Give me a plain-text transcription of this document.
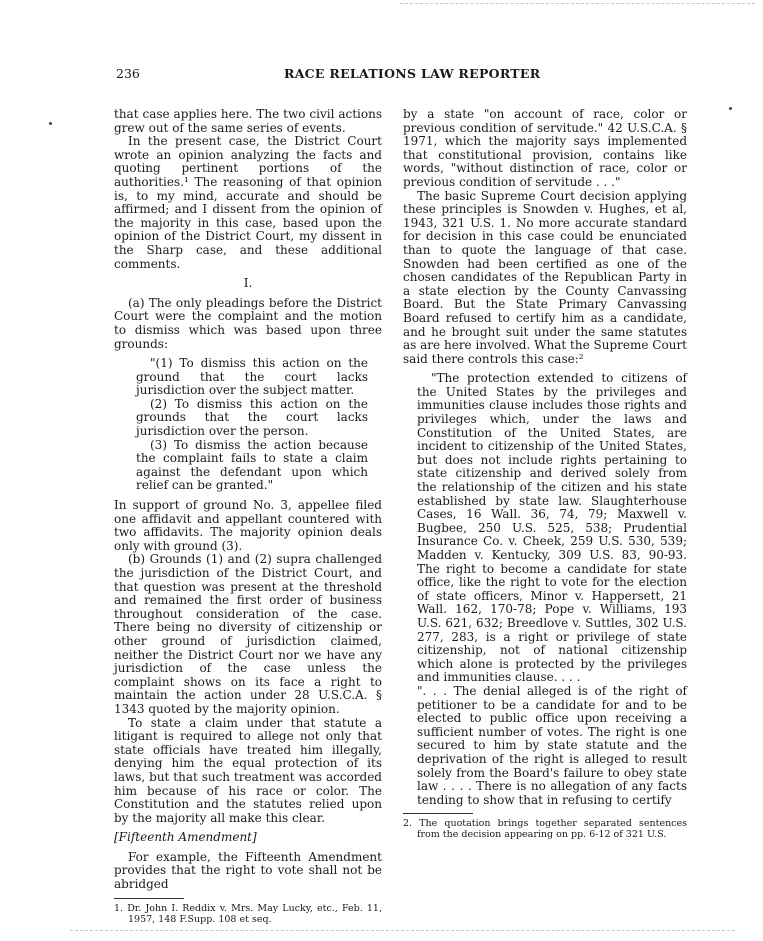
236	RACE RELATIONS LAW REPORTER

that case applies here. The two civil actions grew out of the same series of events.

In the present case, the District Court wrote an opinion analyzing the facts and quoting pertinent portions of the authorities.¹ The reasoning of that opinion is, to my mind, accurate and should be affirmed; and I dissent from the opinion of the majority in this case, based upon the opinion of the District Court, my dissent in the Sharp case, and these additional comments.

I.

(a) The only pleadings before the District Court were the complaint and the motion to dismiss which was based upon three grounds:

"(1) To dismiss this action on the ground that the court lacks jurisdiction over the subject matter.

(2) To dismiss this action on the grounds that the court lacks jurisdiction over the person.

(3) To dismiss the action because the complaint fails to state a claim against the defendant upon which relief can be granted."

In support of ground No. 3, appellee filed one affidavit and appellant countered with two affidavits. The majority opinion deals only with ground (3).

(b) Grounds (1) and (2) supra challenged the jurisdiction of the District Court, and that question was present at the threshold and remained the first order of business throughout consideration of the case. There being no diversity of citizenship or other ground of jurisdiction claimed, neither the District Court nor we have any jurisdiction of the case unless the complaint shows on its face a right to maintain the action under 28 U.S.C.A. § 1343 quoted by the majority opinion.

To state a claim under that statute a litigant is required to allege not only that state officials have treated him illegally, denying him the equal protection of its laws, but that such treatment was accorded him because of his race or color. The Constitution and the statutes relied upon by the majority all make this clear.

[Fifteenth Amendment]

For example, the Fifteenth Amendment provides that the right to vote shall not be abridged

1. Dr. John I. Reddix v. Mrs. May Lucky, etc., Feb. 11, 1957, 148 F.Supp. 108 et seq.

by a state "on account of race, color or previous condition of servitude." 42 U.S.C.A. § 1971, which the majority says implemented that constitutional provision, contains like words, "without distinction of race, color or previous condition of servitude . . ."

The basic Supreme Court decision applying these principles is Snowden v. Hughes, et al, 1943, 321 U.S. 1. No more accurate standard for decision in this case could be enunciated than to quote the language of that case. Snowden had been certified as one of the chosen candidates of the Republican Party in a state election by the County Canvassing Board. But the State Primary Canvassing Board refused to certify him as a candidate, and he brought suit under the same statutes as are here involved. What the Supreme Court said there controls this case:²

"The protection extended to citizens of the United States by the privileges and immunities clause includes those rights and privileges which, under the laws and Constitution of the United States, are incident to citizenship of the United States, but does not include rights pertaining to state citizenship and derived solely from the relationship of the citizen and his state established by state law. Slaughterhouse Cases, 16 Wall. 36, 74, 79; Maxwell v. Bugbee, 250 U.S. 525, 538; Prudential Insurance Co. v. Cheek, 259 U.S. 530, 539; Madden v. Kentucky, 309 U.S. 83, 90-93. The right to become a candidate for state office, like the right to vote for the election of state officers, Minor v. Happersett, 21 Wall. 162, 170-78; Pope v. Williams, 193 U.S. 621, 632; Breedlove v. Suttles, 302 U.S. 277, 283, is a right or privilege of state citizenship, not of national citizenship which alone is protected by the privileges and immunities clause. . . .

". . . The denial alleged is of the right of petitioner to be a candidate for and to be elected to public office upon receiving a sufficient number of votes. The right is one secured to him by state statute and the deprivation of the right is alleged to result solely from the Board's failure to obey state law . . . . There is no allegation of any facts tending to show that in refusing to certify

2. The quotation brings together separated sentences from the decision appearing on pp. 6-12 of 321 U.S.
